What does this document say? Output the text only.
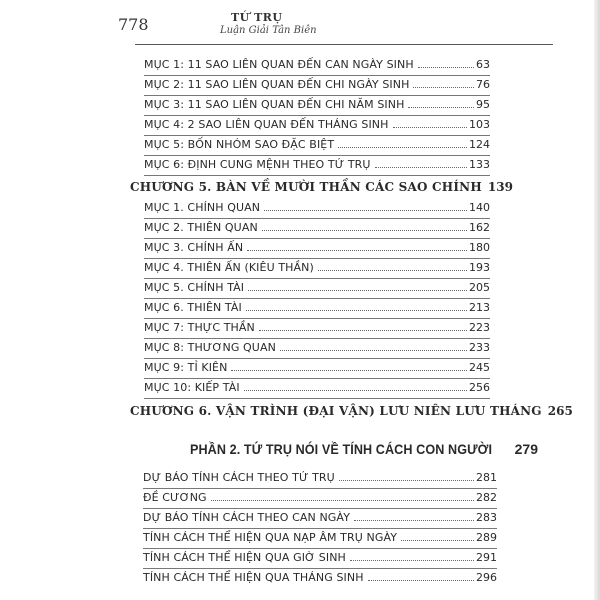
778	TỨ TRỤ
Luận Giải Tân Biên
MỤC 1: 11 SAO LIÊN QUAN ĐẾN CAN NGÀY SINH	63
MỤC 2: 11 SAO LIÊN QUAN ĐẾN CHI NGÀY SINH	76
MỤC 3: 11 SAO LIÊN QUAN ĐẾN CHI NĂM SINH	95
MỤC 4: 2 SAO LIÊN QUAN ĐẾN THÁNG SINH	103
MỤC 5: BỐN NHÓM SAO ĐẶC BIỆT	124
MỤC 6: ĐỊNH CUNG MỆNH THEO TỨ TRỤ	133
CHƯƠNG 5. BÀN VỀ MƯỜI THẦN CÁC SAO CHÍNH 139
MỤC 1. CHÍNH QUAN	140
MỤC 2. THIÊN QUAN	162
MỤC 3. CHÍNH ẤN	180
MỤC 4. THIÊN ẤN (KIÊU THẦN)	193
MỤC 5. CHÍNH TÀI	205
MỤC 6. THIÊN TÀI	213
MỤC 7: THỰC THẦN	223
MỤC 8: THƯƠNG QUAN	233
MỤC 9: TỈ KIÊN	245
MỤC 10: KIẾP TÀI	256
CHƯƠNG 6. VẬN TRÌNH (ĐẠI VẬN) LƯU NIÊN LƯU THÁNG 265
PHẦN 2. TỨ TRỤ NÓI VỀ TÍNH CÁCH CON NGƯỜI 279
DỰ BÁO TÍNH CÁCH THEO TỨ TRỤ	281
ĐỀ CƯƠNG	282
DỰ BÁO TÍNH CÁCH THEO CAN NGÀY	283
TÍNH CÁCH THỂ HIỆN QUA NẠP ÂM TRỤ NGÀY	289
TÍNH CÁCH THỂ HIỆN QUA GIỜ SINH	291
TÍNH CÁCH THỂ HIỆN QUA THÁNG SINH	296
